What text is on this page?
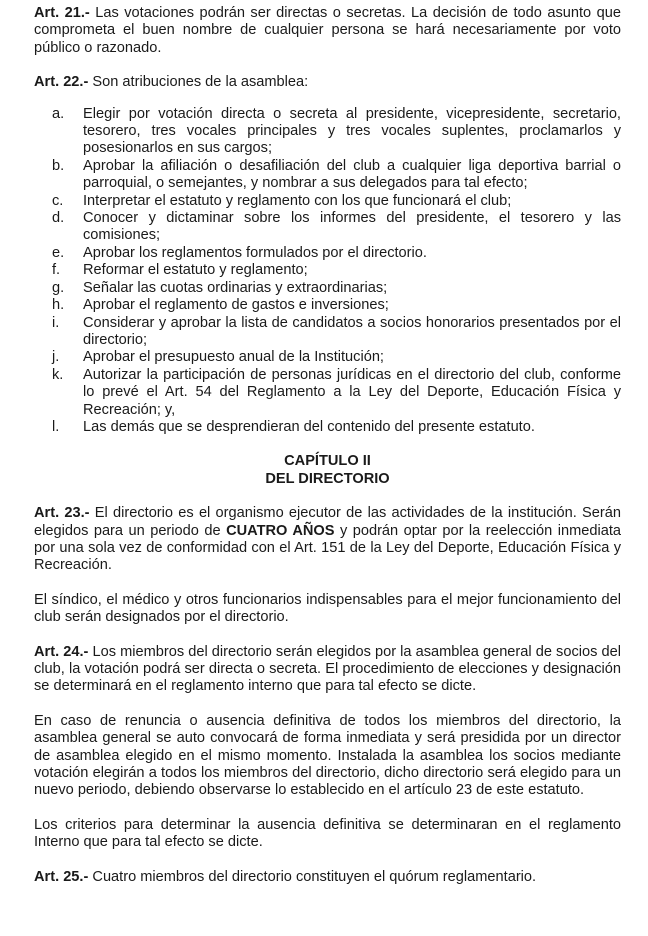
Art. 21.- Las votaciones podrán ser directas o secretas. La decisión de todo asunto que comprometa el buen nombre de cualquier persona se hará necesariamente por voto público o razonado.

Art. 22.- Son atribuciones de la asamblea:

a. Elegir por votación directa o secreta al presidente, vicepresidente, secretario, tesorero, tres vocales principales y tres vocales suplentes, proclamarlos y posesionarlos en sus cargos;
b. Aprobar la afiliación o desafiliación del club a cualquier liga deportiva barrial o parroquial, o semejantes, y nombrar a sus delegados para tal efecto;
c. Interpretar el estatuto y reglamento con los que funcionará el club;
d. Conocer y dictaminar sobre los informes del presidente, el tesorero y las comisiones;
e. Aprobar los reglamentos formulados por el directorio.
f. Reformar el estatuto y reglamento;
g. Señalar las cuotas ordinarias y extraordinarias;
h. Aprobar el reglamento de gastos e inversiones;
i. Considerar y aprobar la lista de candidatos a socios honorarios presentados por el directorio;
j. Aprobar el presupuesto anual de la Institución;
k. Autorizar la participación de personas jurídicas en el directorio del club, conforme lo prevé el Art. 54 del Reglamento a la Ley del Deporte, Educación Física y Recreación; y,
l. Las demás que se desprendieran del contenido del presente estatuto.

CAPÍTULO II

DEL DIRECTORIO

Art. 23.- El directorio es el organismo ejecutor de las actividades de la institución. Serán elegidos para un periodo de CUATRO AÑOS y podrán optar por la reelección inmediata por una sola vez de conformidad con el Art. 151 de la Ley del Deporte, Educación Física y Recreación.

El síndico, el médico y otros funcionarios indispensables para el mejor funcionamiento del club serán designados por el directorio.

Art. 24.- Los miembros del directorio serán elegidos por la asamblea general de socios del club, la votación podrá ser directa o secreta. El procedimiento de elecciones y designación se determinará en el reglamento interno que para tal efecto se dicte.

En caso de renuncia o ausencia definitiva de todos los miembros del directorio, la asamblea general se auto convocará de forma inmediata y será presidida por un director de asamblea elegido en el mismo momento. Instalada la asamblea los socios mediante votación elegirán a todos los miembros del directorio, dicho directorio será elegido para un nuevo periodo, debiendo observarse lo establecido en el artículo 23 de este estatuto.

Los criterios para determinar la ausencia definitiva se determinaran en el reglamento Interno que para tal efecto se dicte.

Art. 25.- Cuatro miembros del directorio constituyen el quórum reglamentario.
